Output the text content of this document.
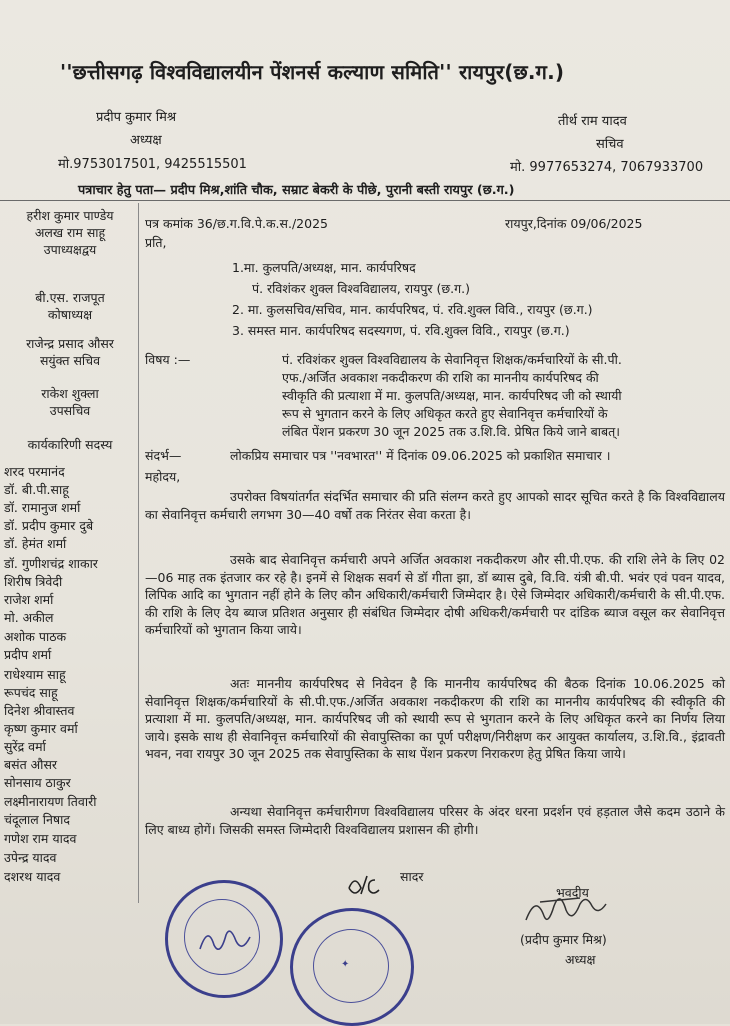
''छत्तीसगढ़ विश्वविद्यालयीन पेंशनर्स कल्याण समिति'' रायपुर(छ.ग.)
प्रदीप कुमार मिश्र
अध्यक्ष
मो.9753017501, 9425515501
तीर्थ राम यादव
सचिव
मो. 9977653274, 7067933700
पत्राचार हेतु पता— प्रदीप मिश्र,शांति चौक, सम्राट बेकरी के पीछे, पुरानी बस्ती रायपुर (छ.ग.)
हरीश कुमार पाण्डेय
अलख राम साहू
उपाध्यक्षद्वय
बी.एस. राजपूत
कोषाध्यक्ष
राजेन्द्र प्रसाद औसर
सयुंक्त सचिव
राकेश शुक्ला
उपसचिव
कार्यकारिणी सदस्य
शरद परमानंद
डॉ. बी.पी.साहू
डॉ. रामानुज शर्मा
डॉ. प्रदीप कुमार दुबे
डॉ. हेमंत शर्मा
डॉ. गुणीशचंद्र शाकार
शिरीष त्रिवेदी
राजेश शर्मा
मो. अकील
अशोक पाठक
प्रदीप शर्मा
राधेश्याम साहू
रूपचंद साहू
दिनेश श्रीवास्तव
कृष्ण कुमार वर्मा
सुरेंद्र वर्मा
बसंत औसर
सोनसाय ठाकुर
लक्ष्मीनारायण तिवारी
चंदूलाल निषाद
गणेश राम यादव
उपेन्द्र यादव
दशरथ यादव
पत्र कमांक 36/छ.ग.वि.पे.क.स./2025	रायपुर,दिनांक 09/06/2025
प्रति,
1.मा. कुलपति/अध्यक्ष, मान. कार्यपरिषद
पं. रविशंकर शुक्ल विश्वविद्यालय, रायपुर (छ.ग.)
2. मा. कुलसचिव/सचिव, मान. कार्यपरिषद, पं. रवि.शुक्ल विवि., रायपुर (छ.ग.)
3. समस्त मान. कार्यपरिषद सदस्यगण, पं. रवि.शुक्ल विवि., रायपुर (छ.ग.)
विषय :—	पं. रविशंकर शुक्ल विश्वविद्यालय के सेवानिवृत्त शिक्षक/कर्मचारियों के सी.पी.
एफ./अर्जित अवकाश नकदीकरण की राशि का माननीय कार्यपरिषद की
स्वीकृति की प्रत्याशा में मा. कुलपति/अध्यक्ष, मान. कार्यपरिषद जी को स्थायी
रूप से भुगतान करने के लिए अधिकृत करते हुए सेवानिवृत्त कर्मचारियों के
लंबित पेंशन प्रकरण 30 जून 2025 तक उ.शि.वि. प्रेषित किये जाने बाबत्।
संदर्भ—	लोकप्रिय समाचार पत्र ''नवभारत'' में दिनांक 09.06.2025 को प्रकाशित समाचार ।
महोदय,
उपरोक्त विषयांतर्गत संदर्भित समाचार की प्रति संलग्न करते हुए आपको सादर सूचित करते है कि विश्वविद्यालय का सेवानिवृत्त कर्मचारी लगभग 30—40 वर्षो तक निरंतर सेवा करता है।
उसके बाद सेवानिवृत्त कर्मचारी अपने अर्जित अवकाश नकदीकरण और सी.पी.एफ. की राशि लेने के लिए 02—06 माह तक इंतजार कर रहे है। इनमें से शिक्षक सवर्ग से डॉ गीता झा, डॉ ब्यास दुबे, वि.वि. यंत्री बी.पी. भवंर एवं पवन यादव, लिपिक आदि का भुगतान नहीं होने के लिए कौन अधिकारी/कर्मचारी जिम्मेदार है। ऐसे जिम्मेदार अधिकारी/कर्मचारी के सी.पी.एफ. की राशि के लिए देय ब्याज प्रतिशत अनुसार ही संबंधित जिम्मेदार दोषी अधिकरी/कर्मचारी पर दांडिक ब्याज वसूल कर सेवानिवृत्त कर्मचारियों को भुगतान किया जाये।
अतः माननीय कार्यपरिषद से निवेदन है कि माननीय कार्यपरिषद की बैठक दिनांक 10.06.2025 को सेवानिवृत्त शिक्षक/कर्मचारियों के सी.पी.एफ./अर्जित अवकाश नकदीकरण की राशि का माननीय कार्यपरिषद की स्वीकृति की प्रत्याशा में मा. कुलपति/अध्यक्ष, मान. कार्यपरिषद जी को स्थायी रूप से भुगतान करने के लिए अधिकृत करने का निर्णय लिया जाये। इसके साथ ही सेवानिवृत्त कर्मचारियों की सेवापुस्तिका का पूर्ण परीक्षण/निरीक्षण कर आयुक्त कार्यालय, उ.शि.वि., इंद्रावती भवन, नवा रायपुर 30 जून 2025 तक सेवापुस्तिका के साथ पेंशन प्रकरण निराकरण हेतु प्रेषित किया जाये।
अन्यथा सेवानिवृत्त कर्मचारीगण विश्वविद्यालय परिसर के अंदर धरना प्रदर्शन एवं हड़ताल जैसे कदम उठाने के लिए बाध्य होगें। जिसकी समस्त जिम्मेदारी विश्वविद्यालय प्रशासन की होगी।
सादर
भवदीय
(प्रदीप कुमार मिश्र)
अध्यक्ष
✦
